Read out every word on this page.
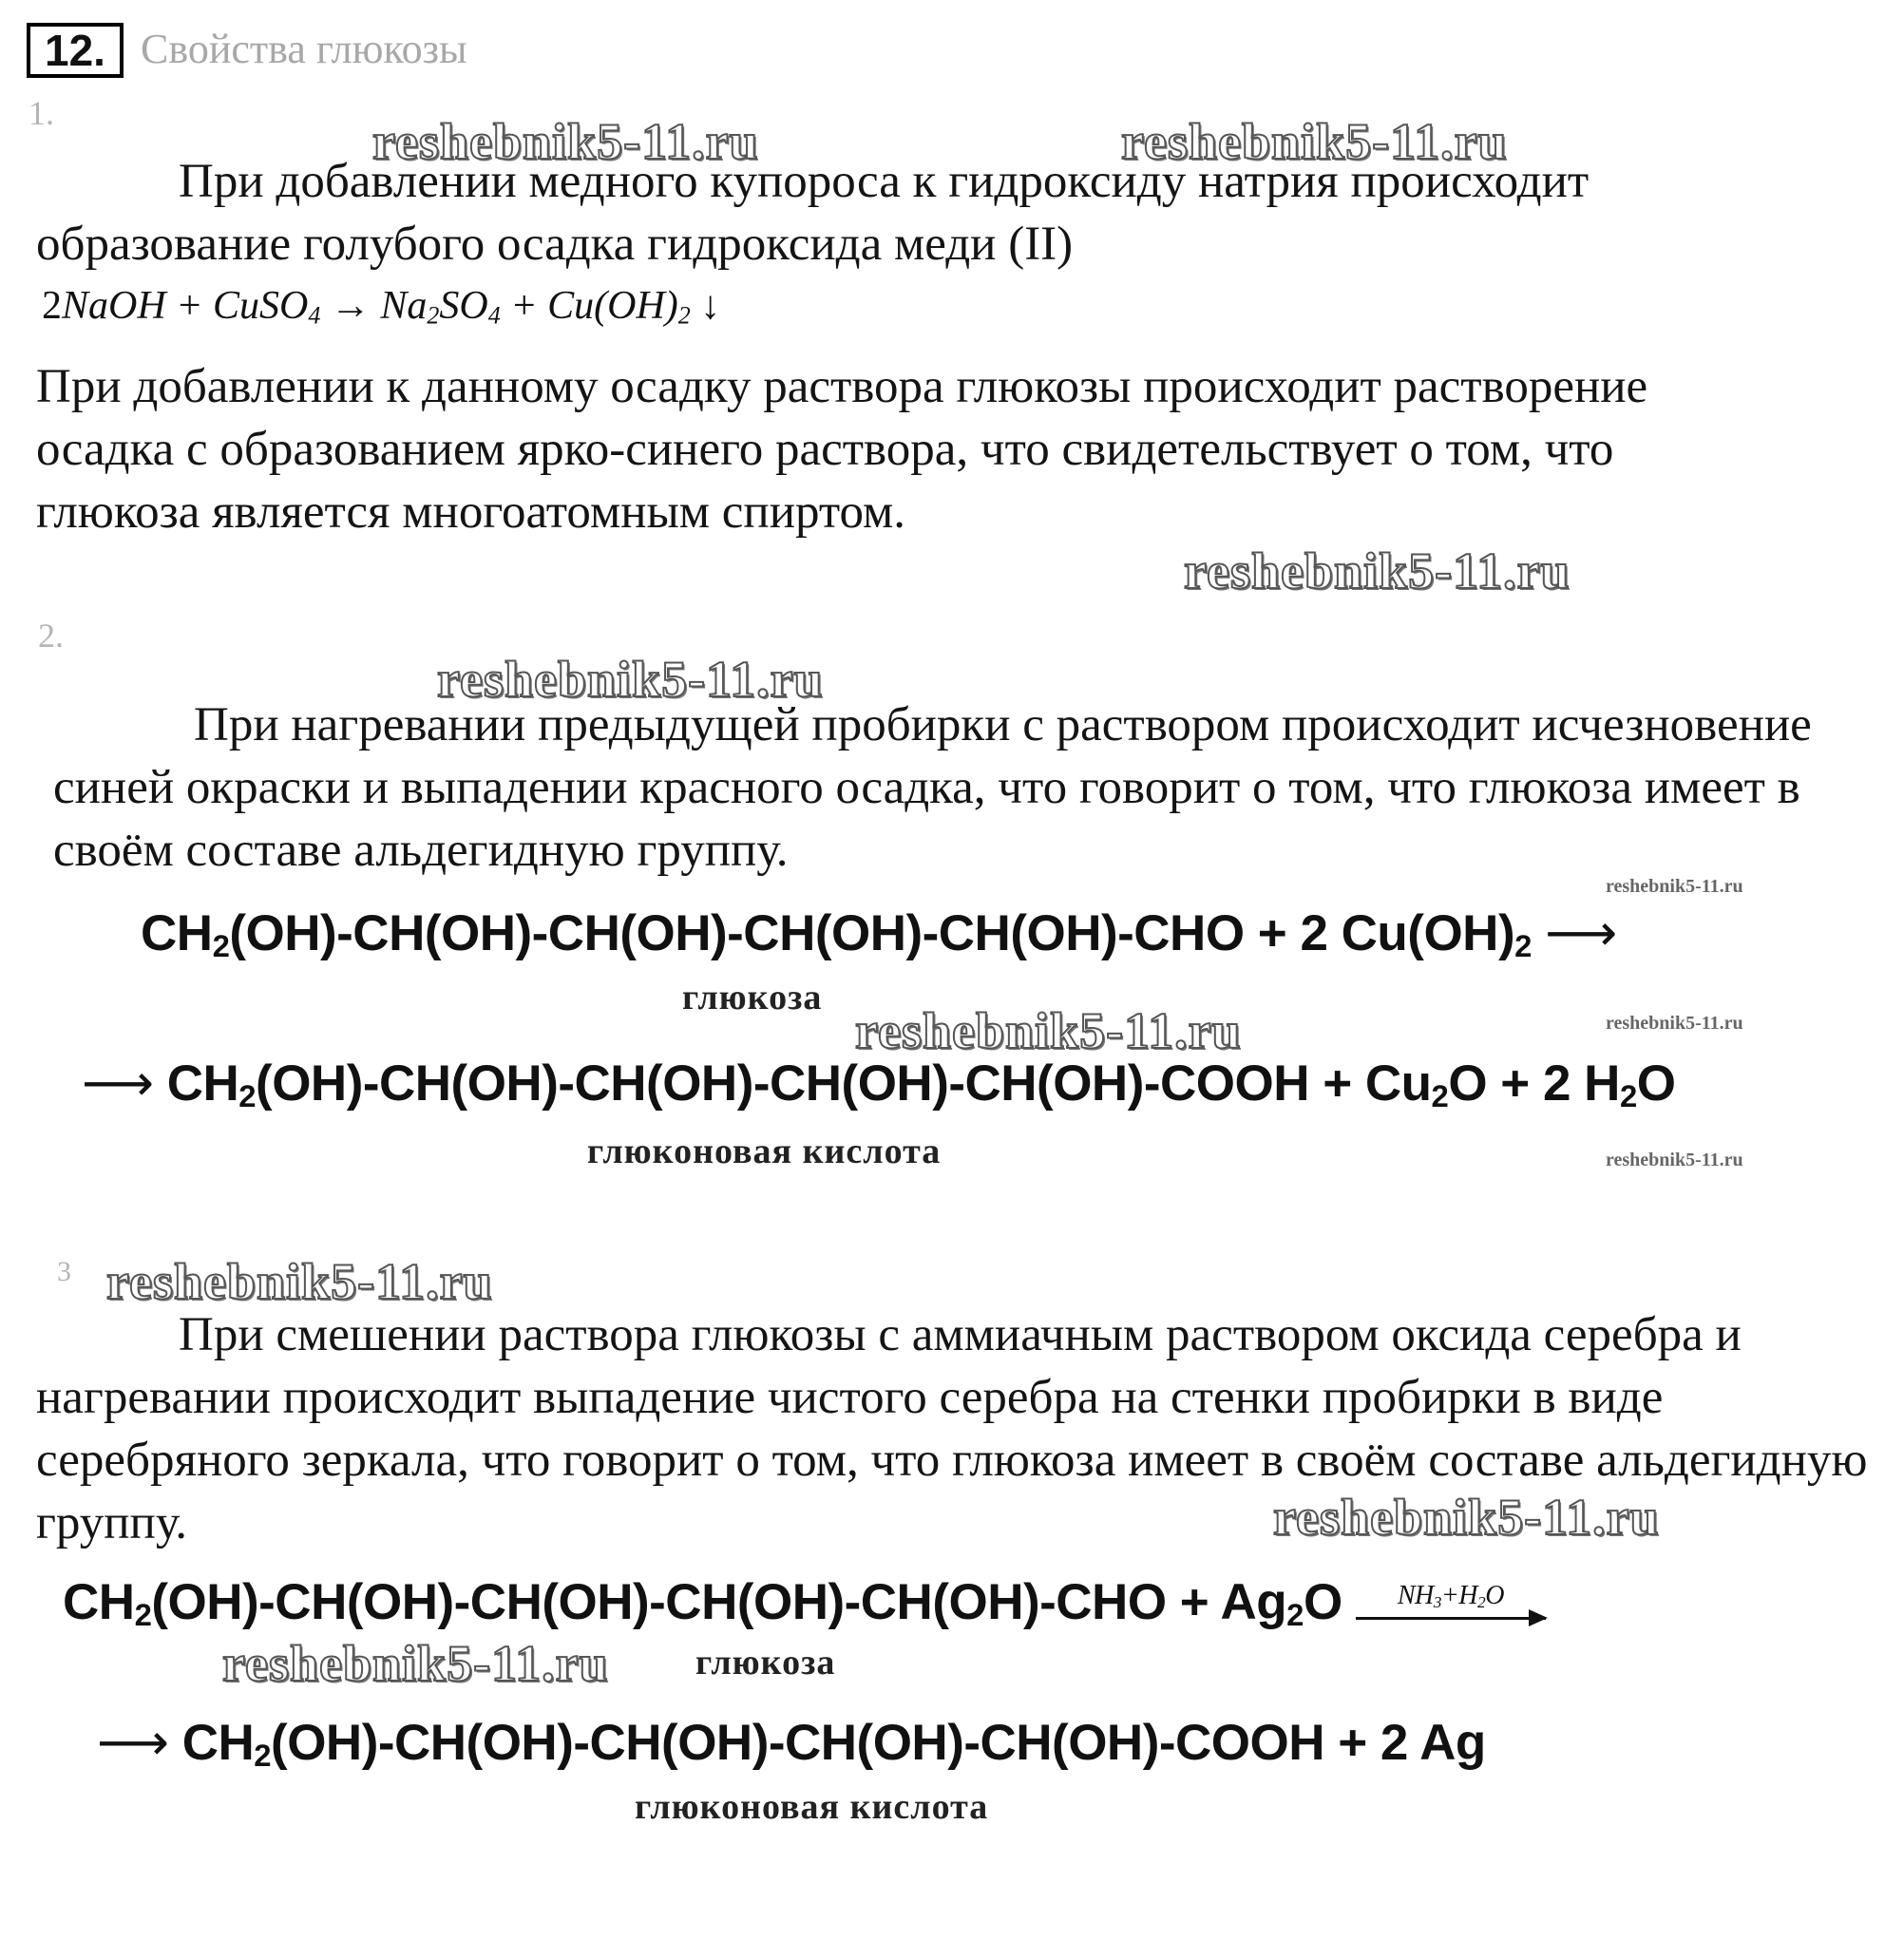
12. Свойства глюкозы
1.	reshebnik5-11.ru	reshebnik5-11.ru

При добавлении медного купороса к гидроксиду натрия происходит образование голубого осадка гидроксида меди (II)

2NaOH + CuSO$_4$ → $Na_2SO_4 + Cu(OH)_2$ ↓

При добавлении к данному осадку раствора глюкозы происходит растворение осадка с образованием ярко-синего раствора, что свидетельствует о том, что глюкоза является многоатомным спиртом.

reshebnik5-11.ru
2.
reshebnik5-11.ru

При нагревании предыдущей пробирки с раствором происходит исчезновение синей окраски и выпадении красного осадка, что говорит о том, что глюкоза имеет в своём составе альдегидную группу.

reshebnik5-11.ru
$CH_2(OH)-CH(OH)-CH(OH)-CH(OH)-CH(OH)$-CHO + 2 $Cu(OH)_2$ ⟶
глюкоза
reshebnik5-11.ru	reshebnik5-11.ru
⟶ $CH_2(OH)-CH(OH)-CH(OH)-CH(OH)-CH(OH)$-COOH + $Cu_2O + 2$ $H_2O$
глюконовая кислота	reshebnik5-11.ru
3 reshebnik5-11.ru

При смешении раствора глюкозы с аммиачным раствором оксида серебра и нагревании происходит выпадение чистого серебра на стенки пробирки в виде серебряного зеркала, что говорит о том, что глюкоза имеет в своём составе альдегидную группу.	reshebnik5-11.ru
$CH_2(OH)-CH(OH)-CH(OH)-CH(OH)-CH(OH)$-CHO + $Ag_2O$	$NH_3+H_2O$
reshebnik5-11.ru глюкоза
⟶ $CH_2(OH)-CH(OH)-CH(OH)-CH(OH)-CH(OH)$-COOH + 2 Ag
глюконовая кислота
